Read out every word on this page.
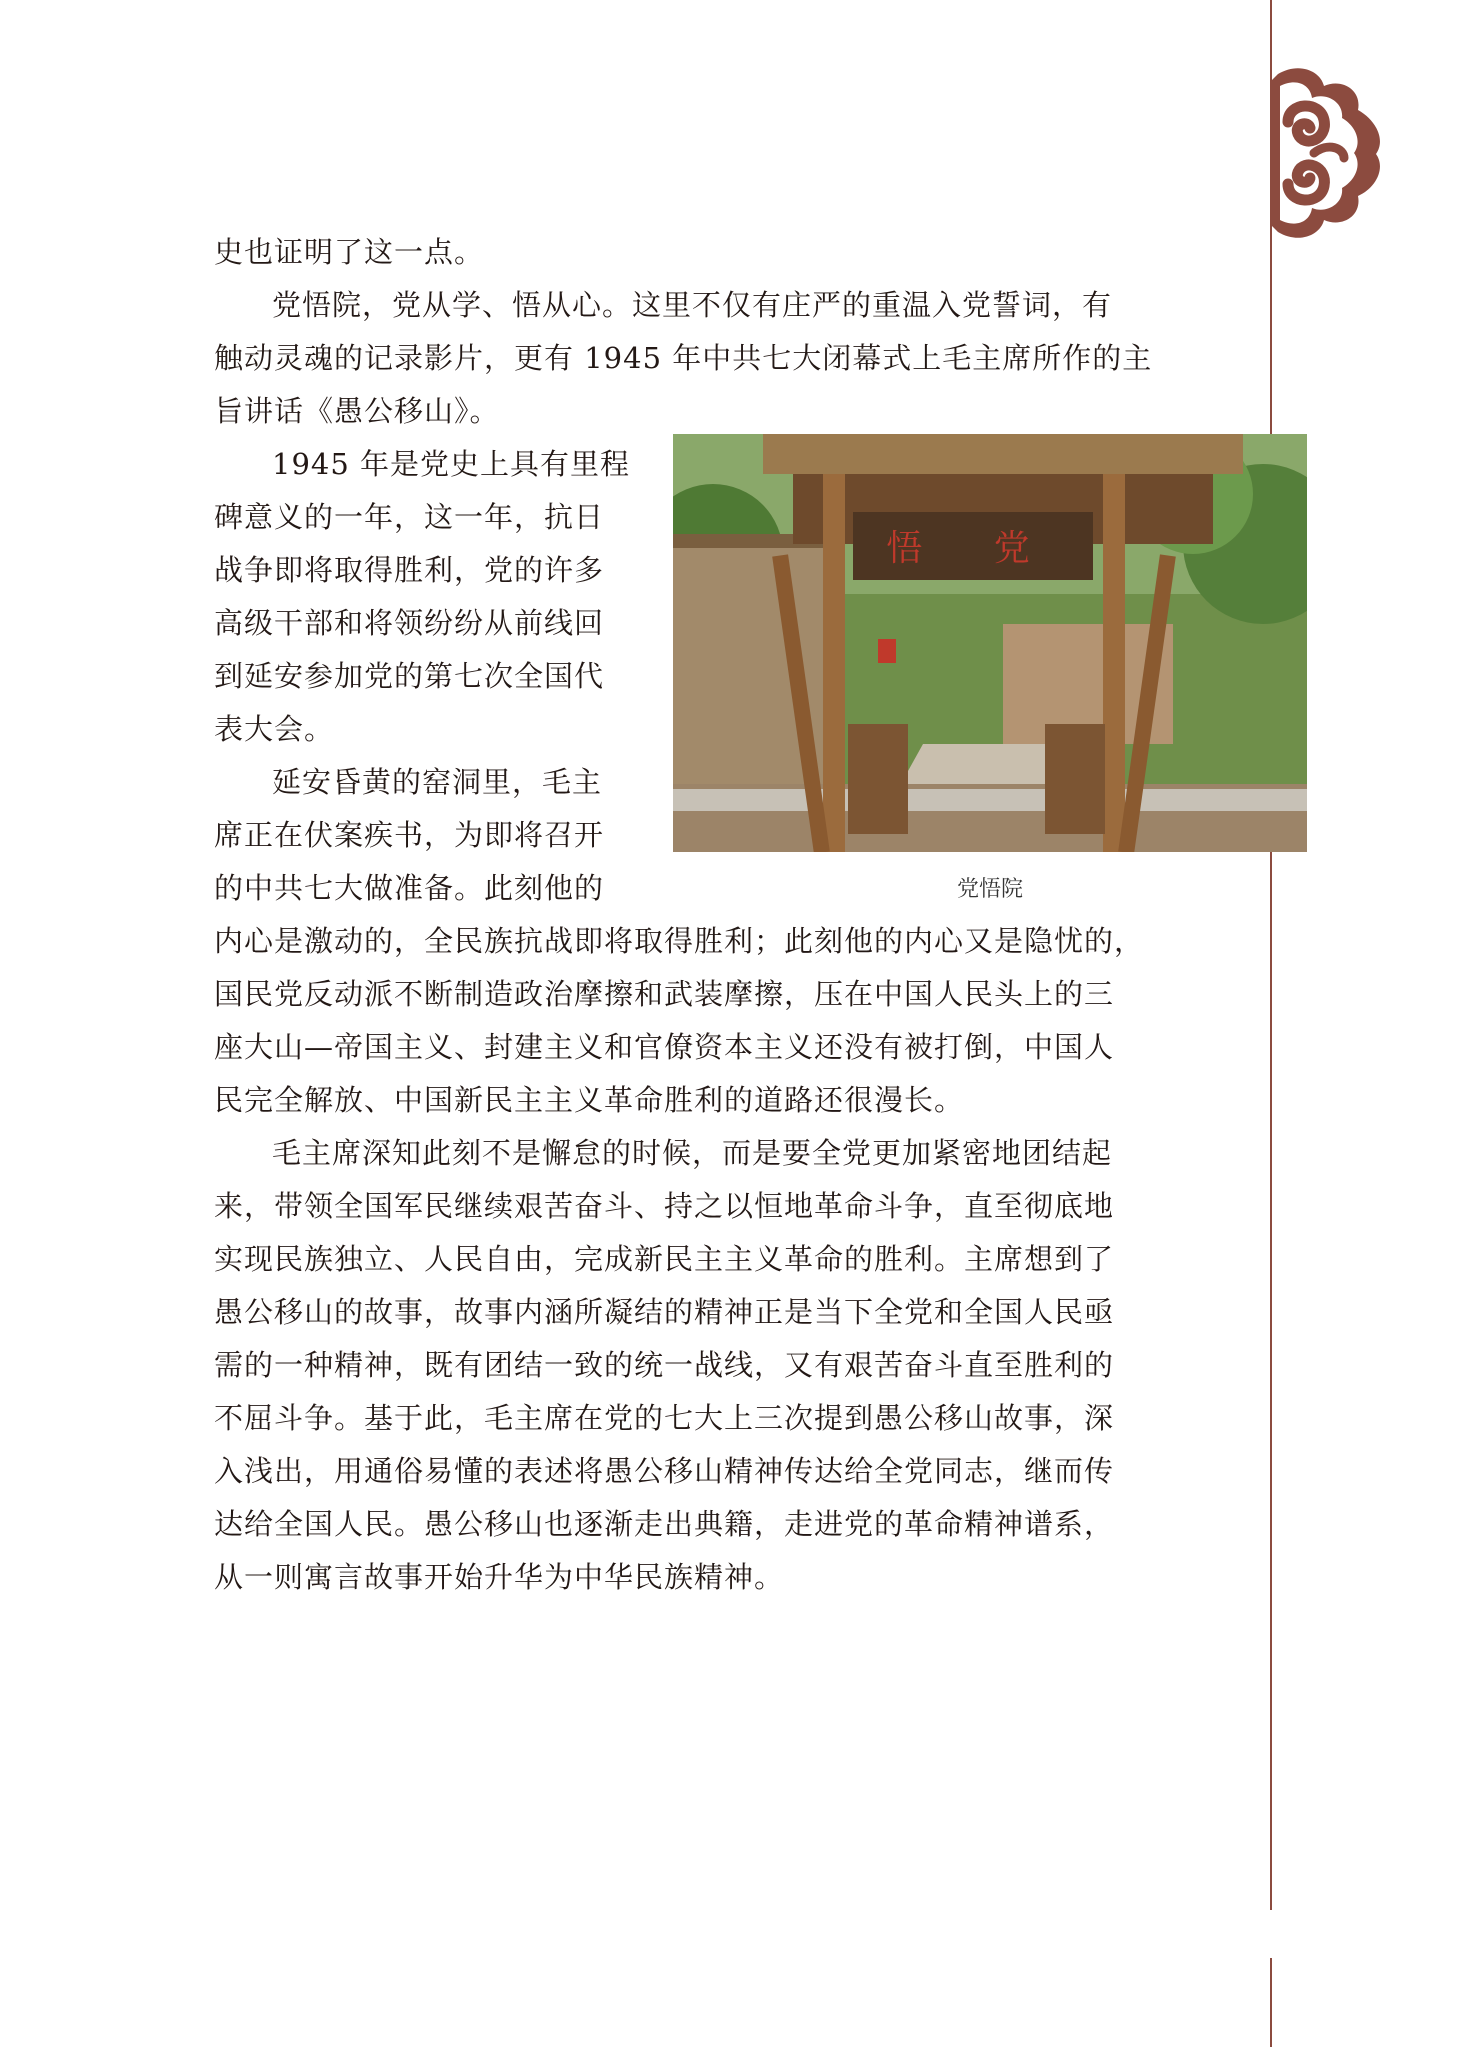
史也证明了这一点。

党悟院，党从学、悟从心。这里不仅有庄严的重温入党誓词，有

触动灵魂的记录影片，更有 1945 年中共七大闭幕式上毛主席所作的主

旨讲话《愚公移山》。

1945 年是党史上具有里程

碑意义的一年，这一年，抗日

战争即将取得胜利，党的许多

高级干部和将领纷纷从前线回

到延安参加党的第七次全国代

表大会。

延安昏黄的窑洞里，毛主

席正在伏案疾书，为即将召开

的中共七大做准备。此刻他的

内心是激动的，全民族抗战即将取得胜利；此刻他的内心又是隐忧的，

国民党反动派不断制造政治摩擦和武装摩擦，压在中国人民头上的三

座大山—帝国主义、封建主义和官僚资本主义还没有被打倒，中国人

民完全解放、中国新民主主义革命胜利的道路还很漫长。

毛主席深知此刻不是懈怠的时候，而是要全党更加紧密地团结起

来，带领全国军民继续艰苦奋斗、持之以恒地革命斗争，直至彻底地

实现民族独立、人民自由，完成新民主主义革命的胜利。主席想到了

愚公移山的故事，故事内涵所凝结的精神正是当下全党和全国人民亟

需的一种精神，既有团结一致的统一战线，又有艰苦奋斗直至胜利的

不屈斗争。基于此，毛主席在党的七大上三次提到愚公移山故事，深

入浅出，用通俗易懂的表述将愚公移山精神传达给全党同志，继而传

达给全国人民。愚公移山也逐渐走出典籍，走进党的革命精神谱系，

从一则寓言故事开始升华为中华民族精神。

悟 党
党悟院
